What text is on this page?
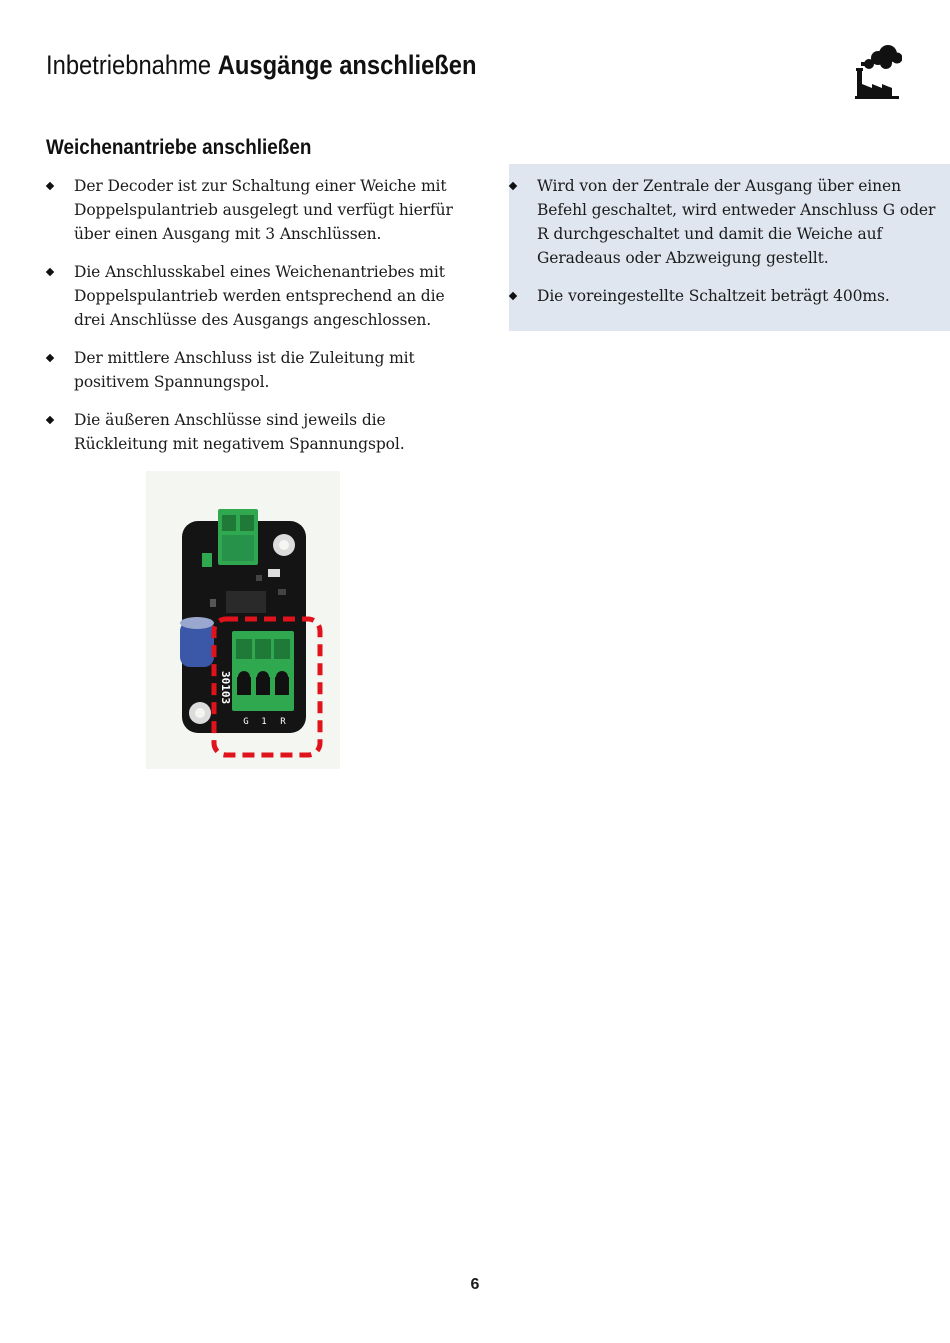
Inbetriebnahme Ausgänge anschließen
Weichenantriebe anschließen
Der Decoder ist zur Schaltung einer Weiche mit Doppelspulantrieb ausgelegt und verfügt hierfür über einen Ausgang mit 3 Anschlüssen.
Die Anschlusskabel eines Weichenantriebes mit Doppelspulantrieb werden entsprechend an die drei Anschlüsse des Ausgangs angeschlossen.
Der mittlere Anschluss ist die Zuleitung mit positivem Spannungspol.
Die äußeren Anschlüsse sind jeweils die Rückleitung mit negativem Spannungspol.
Wird von der Zentrale der Ausgang über einen Befehl geschaltet, wird entweder Anschluss G oder R durchgeschaltet und damit die Weiche auf Geradeaus oder Abzweigung gestellt.
Die voreingestellte Schaltzeit beträgt 400ms.
30103
G 1 R
6
